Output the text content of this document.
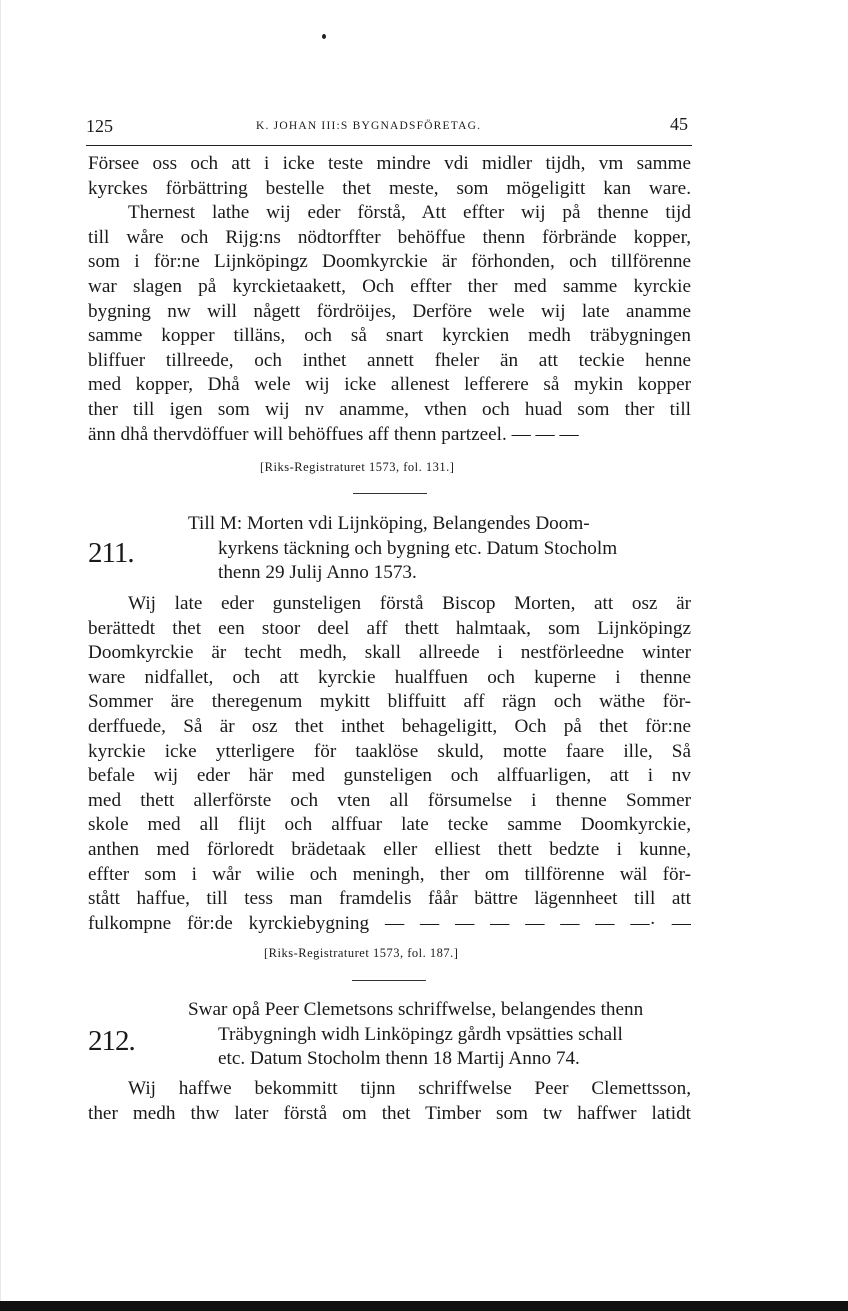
125	K. JOHAN III:S BYGNADSFÖRETAG.	45
Försee oss och att i icke teste mindre vdi midler tijdh, vm samme
kyrckes förbättring bestelle thet meste, som mögeligitt kan ware.
Thernest lathe wij eder förstå, Att effter wij på thenne tijd
till wåre och Rijg:ns nödtorffter behöffue thenn förbrände kopper,
som i för:ne Lijnköpingz Doomkyrckie är förhonden, och tillförenne
war slagen på kyrckietaakett, Och effter ther med samme kyrckie
bygning nw will någett fördröijes, Derföre wele wij late anamme
samme kopper tilläns, och så snart kyrckien medh träbygningen
bliffuer tillreede, och inthet annett fheler än att teckie henne
med kopper, Dhå wele wij icke allenest lefferere så mykin kopper
ther till igen som wij nv anamme, vthen och huad som ther till
änn dhå thervdöffuer will behöffues aff thenn partzeel. — — —
[Riks-Registraturet 1573, fol. 131.]
211.
Till M: Morten vdi Lijnköping, Belangendes Doom-
kyrkens täckning och bygning etc. Datum Stocholm
thenn 29 Julij Anno 1573.
Wij late eder gunsteligen förstå Biscop Morten, att osz är
berättedt thet een stoor deel aff thett halmtaak, som Lijnköpingz
Doomkyrckie är techt medh, skall allreede i nestförleedne winter
ware nidfallet, och att kyrckie hualffuen och kuperne i thenne
Sommer äre theregenum mykitt bliffuitt aff rägn och wäthe för-
derffuede, Så är osz thet inthet behageligitt, Och på thet för:ne
kyrckie icke ytterligere för taaklöse skuld, motte faare ille, Så
befale wij eder här med gunsteligen och alffuarligen, att i nv
med thett allerförste och vten all försumelse i thenne Sommer
skole med all flijt och alffuar late tecke samme Doomkyrckie,
anthen med förloredt brädetaak eller elliest thett bedzte i kunne,
effter som i wår wilie och meningh, ther om tillförenne wäl för-
stått haffue, till tess man framdelis fåår bättre lägennheet till att
fulkompne för:de kyrckiebygning — — — — — — — —· —
[Riks-Registraturet 1573, fol. 187.]
212.
Swar opå Peer Clemetsons schriffwelse, belangendes thenn
Träbygningh widh Linköpingz gårdh vpsätties schall
etc. Datum Stocholm thenn 18 Martij Anno 74.
Wij haffwe bekommitt tijnn schriffwelse Peer Clemettsson,
ther medh thw later förstå om thet Timber som tw haffwer latidt
